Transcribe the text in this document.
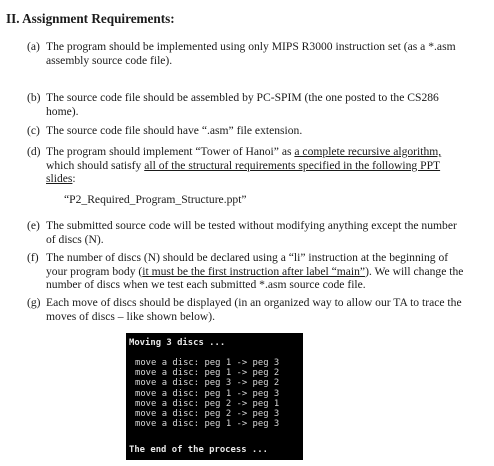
II. Assignment Requirements:
(a) The program should be implemented using only MIPS R3000 instruction set (as a *.asm assembly source code file).
(b) The source code file should be assembled by PC-SPIM (the one posted to the CS286 home).
(c) The source code file should have “.asm” file extension.
(d) The program should implement “Tower of Hanoi” as a complete recursive algorithm, which should satisfy all of the structural requirements specified in the following PPT slides:
“P2_Required_Program_Structure.ppt”
(e) The submitted source code will be tested without modifying anything except the number of discs (N).
(f) The number of discs (N) should be declared using a “li” instruction at the beginning of your program body (it must be the first instruction after label “main”). We will change the number of discs when we test each submitted *.asm source code file.
(g) Each move of discs should be displayed (in an organized way to allow our TA to trace the moves of discs – like shown below).
Moving 3 discs ...
move a disc: peg 1 -> peg 3
move a disc: peg 1 -> peg 2
move a disc: peg 3 -> peg 2
move a disc: peg 1 -> peg 3
move a disc: peg 2 -> peg 1
move a disc: peg 2 -> peg 3
move a disc: peg 1 -> peg 3
The end of the process ...
